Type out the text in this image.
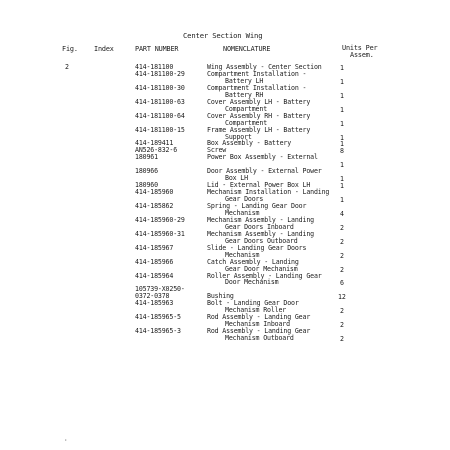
Center Section Wing
Fig. Index	PART NUMBER	NOMENCLATURE	Units Per
Assem.
2	414-181100	Wing Assembly - Center Section	1
414-181100-29	Compartment Installation -
Battery LH	1
414-181100-30	Compartment Installation -
Battery RH	1
414-181100-63	Cover Assembly LH - Battery
Compartment	1
414-181100-64	Cover Assembly RH - Battery
Compartment	1
414-181100-15	Frame Assembly LH - Battery
Support	1
414-189411	Box Assembly - Battery	1
AN526-832-6	Screw	8
180961	Power Box Assembly - External
1
180966	Door Assembly - External Power
Box LH	1
180960	Lid - External Power Box LH	1
414-185960	Mechanism Installation - Landing
Gear Doors	1
414-185862	Spring - Landing Gear Door
Mechanism	4
414-185960-29	Mechanism Assembly - Landing
Gear Doors Inboard	2
414-185960-31	Mechanism Assembly - Landing
Gear Doors Outboard	2
414-185967	Slide - Landing Gear Doors
Mechanism	2
414-185966	Catch Assembly - Landing
Gear Door Mechanism	2
414-185964	Roller Assembly - Landing Gear
Door Mechanism	6
105739-X0250-
0372-0378	Bushing	12
414-185963	Bolt - Landing Gear Door
Mechanism Roller	2
414-185965-5	Rod Assembly - Landing Gear
Mechanism Inboard	2
414-185965-3	Rod Assembly - Landing Gear
Mechanism Outboard	2
·
